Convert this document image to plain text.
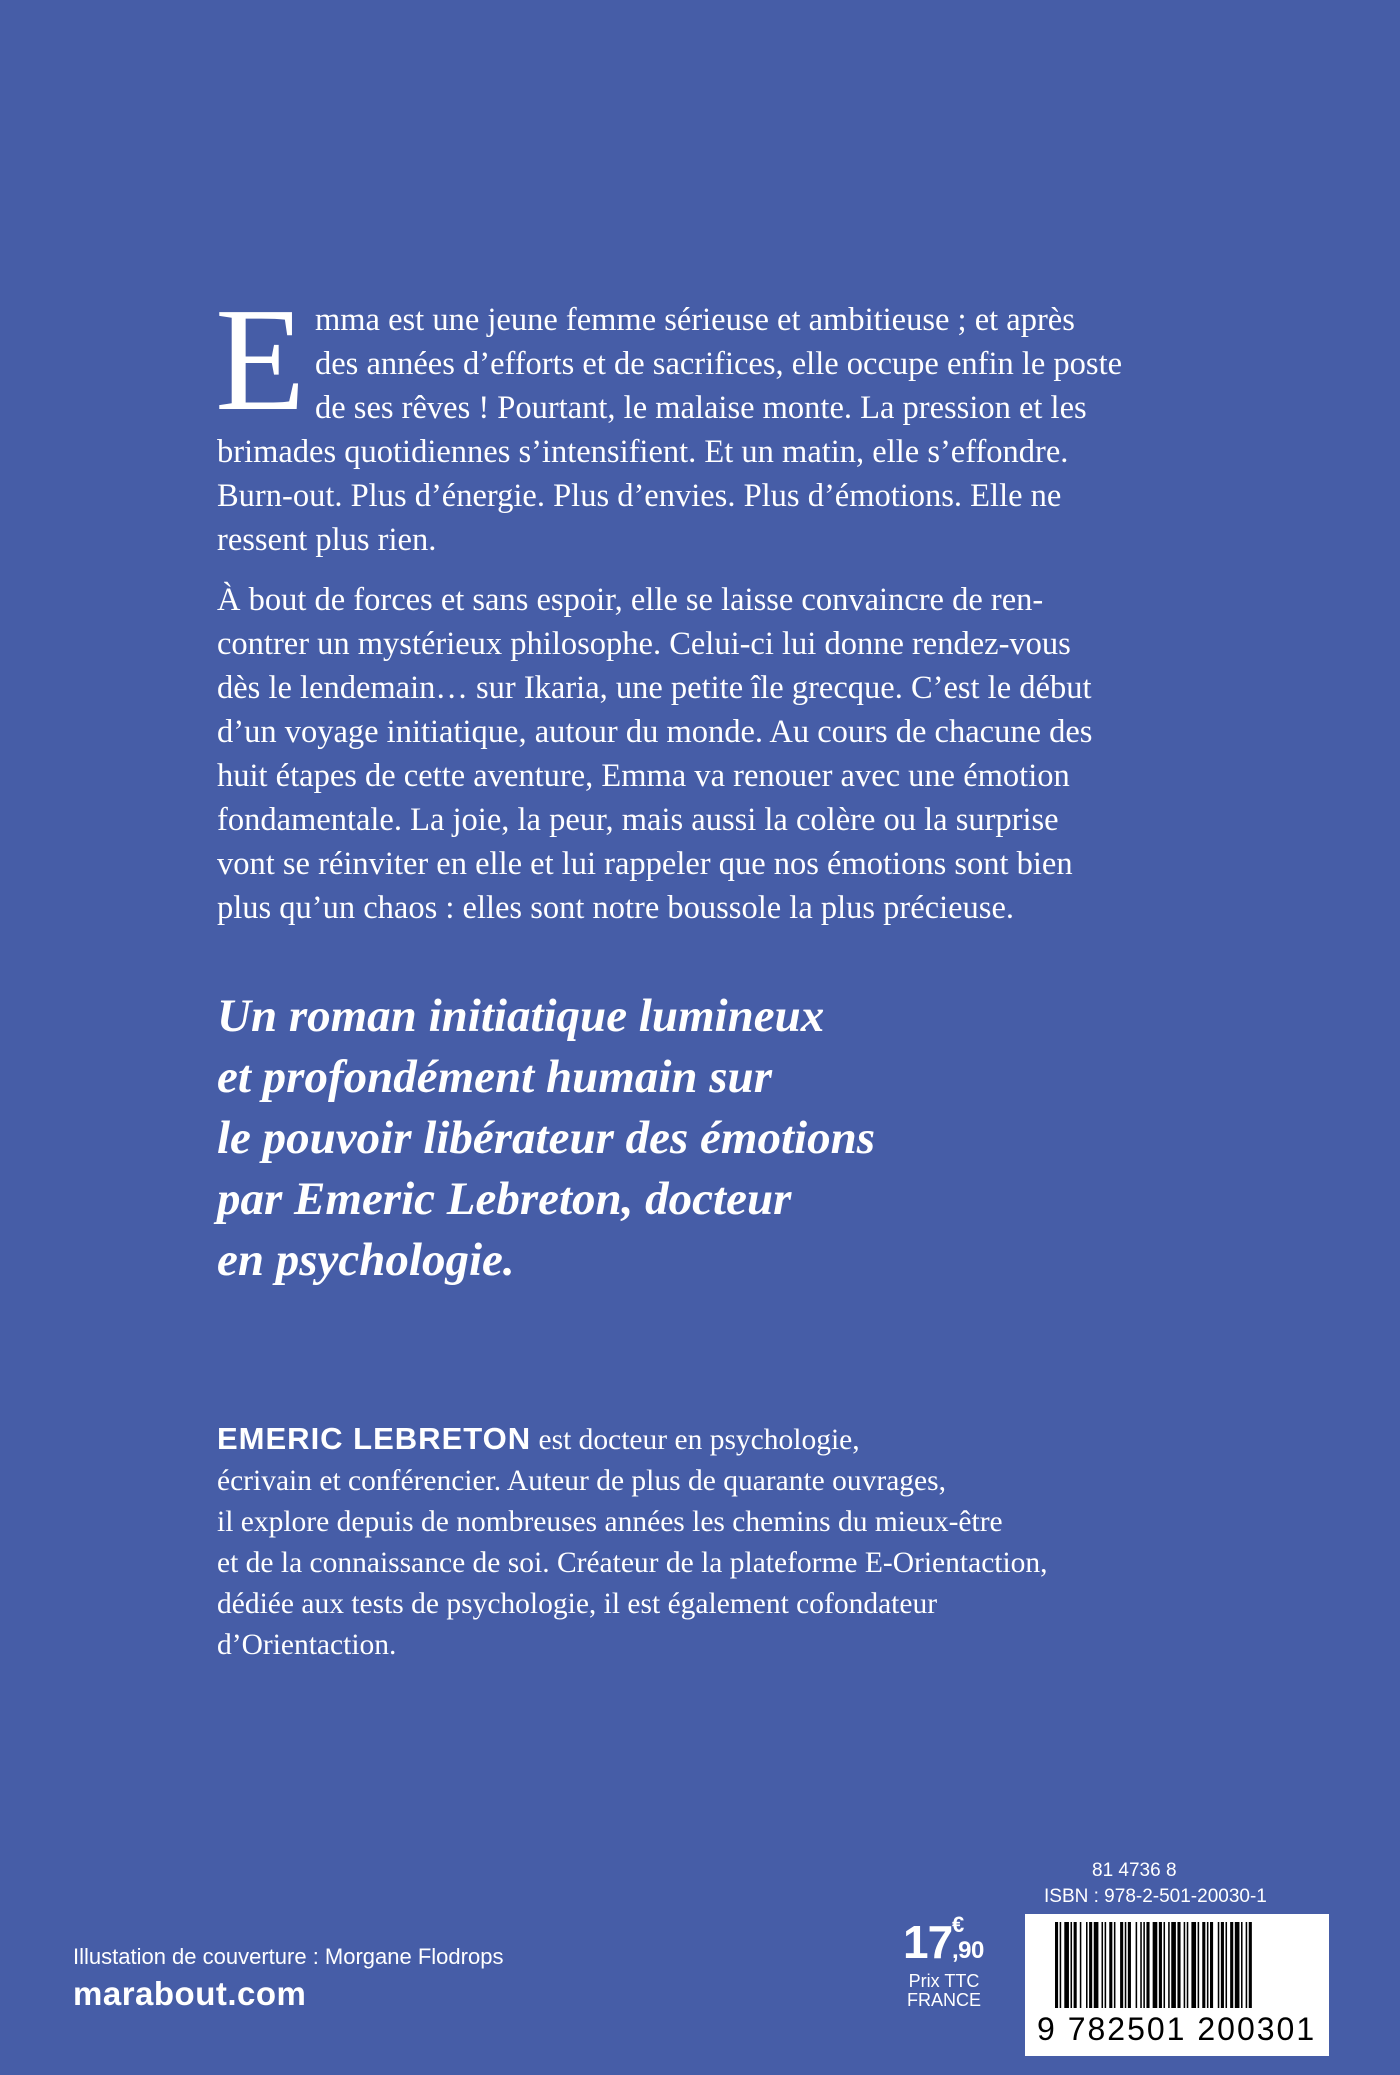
E mma est une jeune femme sérieuse et ambitieuse ; et après
des années d’efforts et de sacrifices, elle occupe enfin le poste
de ses rêves ! Pourtant, le malaise monte. La pression et les
brimades quotidiennes s’intensifient. Et un matin, elle s’effondre.
Burn-out. Plus d’énergie. Plus d’envies. Plus d’émotions. Elle ne
ressent plus rien.
À bout de forces et sans espoir, elle se laisse convaincre de ren-
contrer un mystérieux philosophe. Celui-ci lui donne rendez-vous
dès le lendemain… sur Ikaria, une petite île grecque. C’est le début
d’un voyage initiatique, autour du monde. Au cours de chacune des
huit étapes de cette aventure, Emma va renouer avec une émotion
fondamentale. La joie, la peur, mais aussi la colère ou la surprise
vont se réinviter en elle et lui rappeler que nos émotions sont bien
plus qu’un chaos : elles sont notre boussole la plus précieuse.
Un roman initiatique lumineux
et profondément humain sur
le pouvoir libérateur des émotions
par Emeric Lebreton, docteur
en psychologie.
EMERIC LEBRETON est docteur en psychologie,
écrivain et conférencier. Auteur de plus de quarante ouvrages,
il explore depuis de nombreuses années les chemins du mieux-être
et de la connaissance de soi. Créateur de la plateforme E-Orientaction,
dédiée aux tests de psychologie, il est également cofondateur
d’Orientaction.
Illustation de couverture : Morgane Flodrops
marabout.com
17 €
,90
Prix TTC
FRANCE
81 4736 8
ISBN : 978-2-501-20030-1
9 782501 200301
